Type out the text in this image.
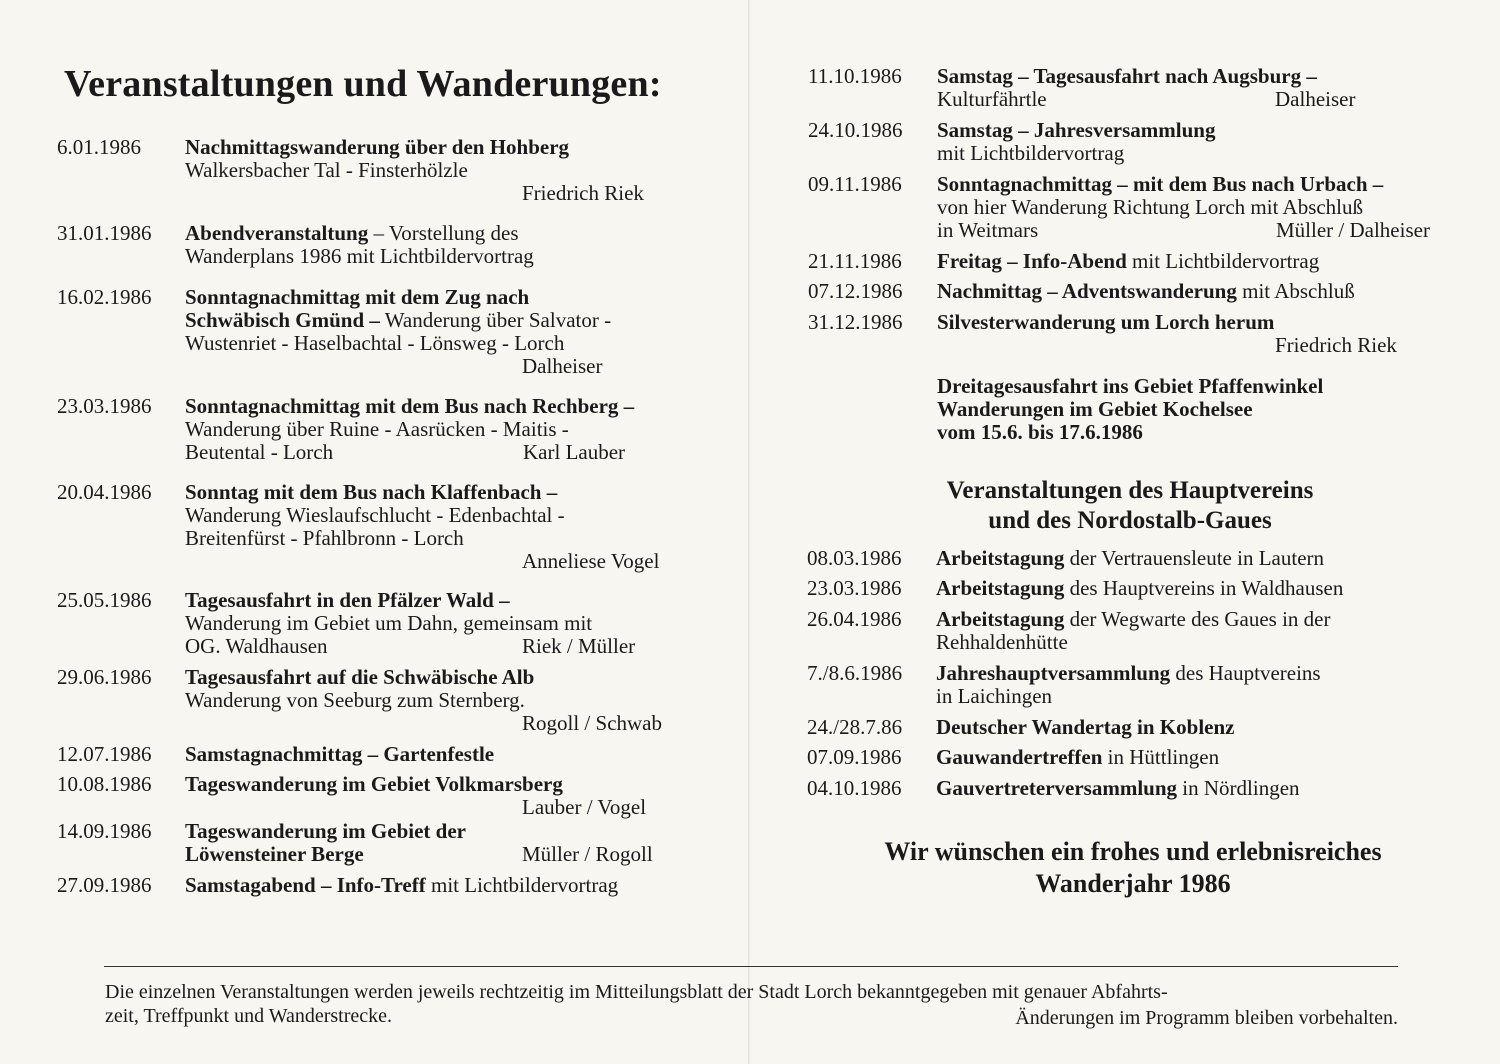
Veranstaltungen und Wanderungen:
6.01.1986 Nachmittagswanderung über den Hohberg
Walkersbacher Tal - Finsterhölzle
Friedrich Riek
31.01.1986 Abendveranstaltung – Vorstellung des
Wanderplans 1986 mit Lichtbildervortrag
16.02.1986 Sonntagnachmittag mit dem Zug nach
Schwäbisch Gmünd – Wanderung über Salvator -
Wustenriet - Haselbachtal - Lönsweg - Lorch
Dalheiser
23.03.1986 Sonntagnachmittag mit dem Bus nach Rechberg –
Wanderung über Ruine - Aasrücken - Maitis -
Beutental - Lorch	Karl Lauber
20.04.1986 Sonntag mit dem Bus nach Klaffenbach –
Wanderung Wieslaufschlucht - Edenbachtal -
Breitenfürst - Pfahlbronn - Lorch
Anneliese Vogel
25.05.1986 Tagesausfahrt in den Pfälzer Wald –
Wanderung im Gebiet um Dahn, gemeinsam mit
OG. Waldhausen	Riek / Müller
29.06.1986 Tagesausfahrt auf die Schwäbische Alb
Wanderung von Seeburg zum Sternberg.
Rogoll / Schwab
12.07.1986 Samstagnachmittag – Gartenfestle
10.08.1986 Tageswanderung im Gebiet Volkmarsberg
Lauber / Vogel
14.09.1986 Tageswanderung im Gebiet der
Löwensteiner Berge	Müller / Rogoll
27.09.1986 Samstagabend – Info-Treff mit Lichtbildervortrag
11.10.1986 Samstag – Tagesausfahrt nach Augsburg –
Kulturfährtle	Dalheiser
24.10.1986 Samstag – Jahresversammlung
mit Lichtbildervortrag
09.11.1986 Sonntagnachmittag – mit dem Bus nach Urbach –
von hier Wanderung Richtung Lorch mit Abschluß
in Weitmars	Müller / Dalheiser
21.11.1986 Freitag – Info-Abend mit Lichtbildervortrag
07.12.1986 Nachmittag – Adventswanderung mit Abschluß
31.12.1986 Silvesterwanderung um Lorch herum
Friedrich Riek
Dreitagesausfahrt ins Gebiet Pfaffenwinkel
Wanderungen im Gebiet Kochelsee
vom 15.6. bis 17.6.1986
Veranstaltungen des Hauptvereins
und des Nordostalb-Gaues
08.03.1986 Arbeitstagung der Vertrauensleute in Lautern
23.03.1986 Arbeitstagung des Hauptvereins in Waldhausen
26.04.1986 Arbeitstagung der Wegwarte des Gaues in der
Rehhaldenhütte
7./8.6.1986 Jahreshauptversammlung des Hauptvereins
in Laichingen
24./28.7.86 Deutscher Wandertag in Koblenz
07.09.1986 Gauwandertreffen in Hüttlingen
04.10.1986 Gauvertreterversammlung in Nördlingen
Wir wünschen ein frohes und erlebnisreiches
Wanderjahr 1986
Die einzelnen Veranstaltungen werden jeweils rechtzeitig im Mitteilungsblatt der Stadt Lorch bekanntgegeben mit genauer Abfahrts-
zeit, Treffpunkt und Wanderstrecke.	Änderungen im Programm bleiben vorbehalten.
